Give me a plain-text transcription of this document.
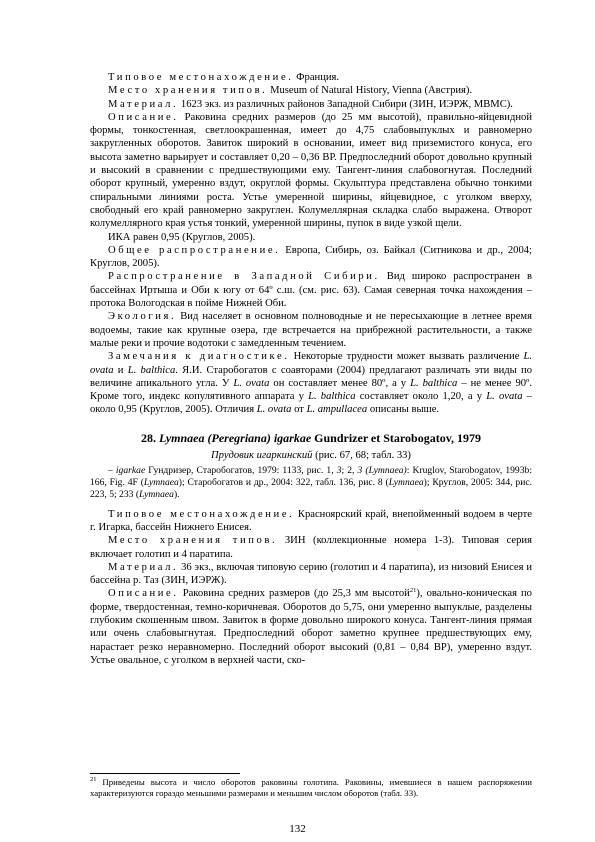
Типовое местонахождение. Франция.

Место хранения типов. Museum of Natural History, Vienna (Австрия).

Материал. 1623 экз. из различных районов Западной Сибири (ЗИН, ИЭРЖ, МВМС).

Описание. Раковина средних размеров (до 25 мм высотой), правильно-яйцевидной формы, тонкостенная, светлоокрашенная, имеет до 4,75 слабовыпуклых и равномерно закругленных оборотов. Завиток широкий в основании, имеет вид приземистого конуса, его высота заметно варьирует и составляет 0,20 – 0,36 ВР. Предпоследний оборот довольно крупный и высокий в сравнении с предшествующими ему. Тангент-линия слабовогнутая. Последний оборот крупный, умеренно вздут, округлой формы. Скульптура представлена обычно тонкими спиральными линиями роста. Устье умеренной ширины, яйцевидное, с уголком вверху, свободный его край равномерно закруглен. Колумеллярная складка слабо выражена. Отворот колумеллярного края устья тонкий, умеренной ширины, пупок в виде узкой щели.

ИКА равен 0,95 (Круглов, 2005).

Общее распространение. Европа, Сибирь, оз. Байкал (Ситникова и др., 2004; Круглов, 2005).

Распространение в Западной Сибири. Вид широко распространен в бассейнах Иртыша и Оби к югу от 64º с.ш. (см. рис. 63). Самая северная точка нахождения – протока Вологодская в пойме Нижней Оби.

Экология. Вид населяет в основном полноводные и не пересыхающие в летнее время водоемы, такие как крупные озера, где встречается на прибрежной растительности, а также малые реки и прочие водотоки с замедленным течением.

Замечания к диагностике. Некоторые трудности может вызвать различение L. ovata и L. balthica. Я.И. Старобогатов с соавторами (2004) предлагают различать эти виды по величине апикального угла. У L. ovata он составляет менее 80º, а у L. balthica – не менее 90º. Кроме того, индекс копулятивного аппарата у L. balthica составляет около 1,20, а у L. ovata – около 0,95 (Круглов, 2005). Отличия L. ovata от L. ampullacea описаны выше.

28. Lymnaea (Peregriana) igarkae Gundrizer et Starobogatov, 1979

Прудовик игаркинский (рис. 67, 68; табл. 33)

– igarkae Гундризер, Старобогатов, 1979: 1133, рис. 1, 3; 2, 3 (Lymnaea): Kruglov, Starobogatov, 1993b: 166, Fig. 4F (Lymnaea); Старобогатов и др., 2004: 322, табл. 136, рис. 8 (Lymnaea); Круглов, 2005: 344, рис. 223, 5; 233 (Lymnaea).

Типовое местонахождение. Красноярский край, внепойменный водоем в черте г. Игарка, бассейн Нижнего Енисея.

Место хранения типов. ЗИН (коллекционные номера 1-3). Типовая серия включает голотип и 4 паратипа.

Материал. 36 экз., включая типовую серию (голотип и 4 паратипа), из низовий Енисея и бассейна р. Таз (ЗИН, ИЭРЖ).

Описание. Раковина средних размеров (до 25,3 мм высотой$^{21}$), овально-коническая по форме, твердостенная, темно-коричневая. Оборотов до 5,75, они умеренно выпуклые, разделены глубоким скошенным швом. Завиток в форме довольно широкого конуса. Тангент-линия прямая или очень слабовыгнутая. Предпоследний оборот заметно крупнее предшествующих ему, нарастает резко неравномерно. Последний оборот высокий (0,81 – 0,84 ВР), умеренно вздут. Устье овальное, с уголком в верхней части, ско-

$^{21}$ Приведены высота и число оборотов раковины голотипа. Раковины, имевшиеся в нашем распоряжении характеризуются гораздо меньшими размерами и меньшим числом оборотов (табл. 33).

132
